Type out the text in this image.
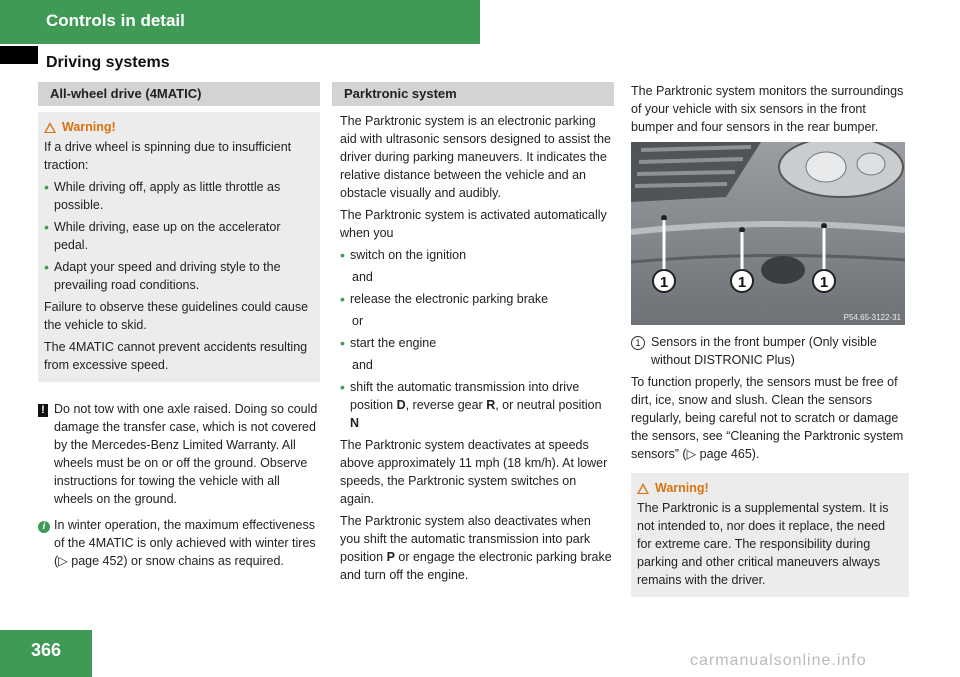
Controls in detail
Driving systems
All-wheel drive (4MATIC)
Warning!

If a drive wheel is spinning due to insufficient traction:

• While driving off, apply as little throttle as possible.
• While driving, ease up on the accelerator pedal.
• Adapt your speed and driving style to the prevailing road conditions.

Failure to observe these guidelines could cause the vehicle to skid.

The 4MATIC cannot prevent accidents resulting from excessive speed.

! Do not tow with one axle raised. Doing so could damage the transfer case, which is not covered by the Mercedes-Benz Limited Warranty. All wheels must be on or off the ground. Observe instructions for towing the vehicle with all wheels on the ground.
i In winter operation, the maximum effectiveness of the 4MATIC is only achieved with winter tires (▷ page 452) or snow chains as required.
Parktronic system

The Parktronic system is an electronic parking aid with ultrasonic sensors designed to assist the driver during parking maneuvers. It indicates the relative distance between the vehicle and an obstacle visually and audibly.

The Parktronic system is activated automatically when you

• switch on the ignition

and

• release the electronic parking brake

or

• start the engine

and

• shift the automatic transmission into drive position D, reverse gear R, or neutral position N

The Parktronic system deactivates at speeds above approximately 11 mph (18 km/h). At lower speeds, the Parktronic system switches on again.

The Parktronic system also deactivates when you shift the automatic transmission into park position P or engage the electronic parking brake and turn off the engine.

The Parktronic system monitors the surroundings of your vehicle with six sensors in the front bumper and four sensors in the rear bumper.

1	1	1
P54.65-3122-31
1 Sensors in the front bumper (Only visible without DISTRONIC Plus)

To function properly, the sensors must be free of dirt, ice, snow and slush. Clean the sensors regularly, being careful not to scratch or damage the sensors, see “Cleaning the Parktronic system sensors” (▷ page 465).

Warning!

The Parktronic is a supplemental system. It is not intended to, nor does it replace, the need for extreme care. The responsibility during parking and other critical maneuvers always remains with the driver.

366
carmanualsonline.info
